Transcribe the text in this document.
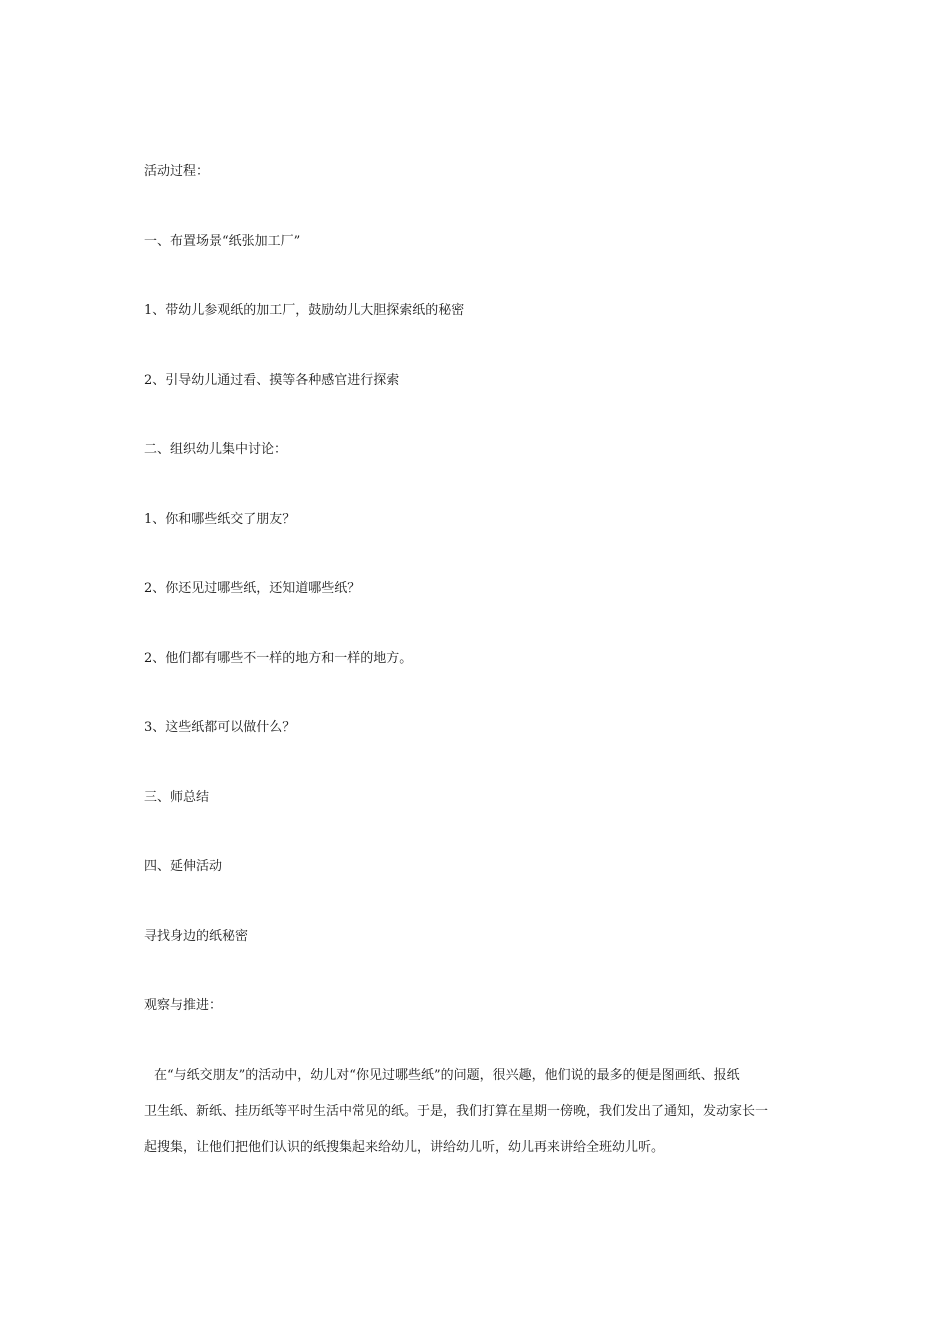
活动过程：
一、布置场景“纸张加工厂”
1、带幼儿参观纸的加工厂，鼓励幼儿大胆探索纸的秘密
2、引导幼儿通过看、摸等各种感官进行探索
二、组织幼儿集中讨论：
1、你和哪些纸交了朋友？
2、你还见过哪些纸，还知道哪些纸？
2、他们都有哪些不一样的地方和一样的地方。
3、这些纸都可以做什么？
三、师总结
四、延伸活动
寻找身边的纸秘密
观察与推进：
在“与纸交朋友”的活动中，幼儿对“你见过哪些纸”的问题，很兴趣，他们说的最多的便是图画纸、报纸
卫生纸、新纸、挂历纸等平时生活中常见的纸。于是，我们打算在星期一傍晚，我们发出了通知，发动家长一
起搜集，让他们把他们认识的纸搜集起来给幼儿，讲给幼儿听，幼儿再来讲给全班幼儿听。
